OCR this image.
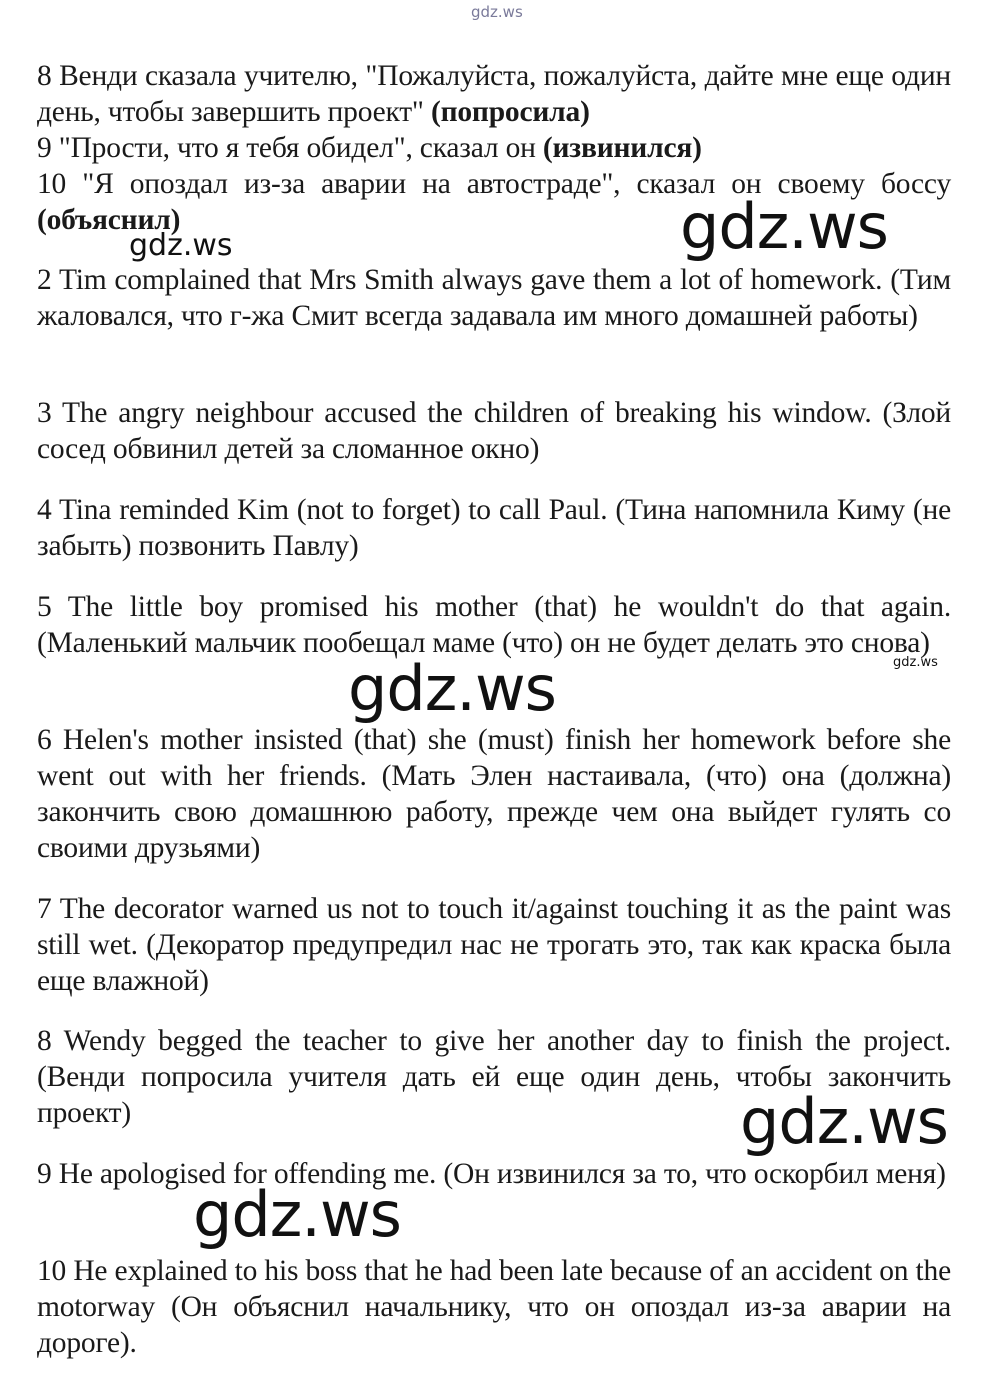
gdz.ws

8 Венди сказала учителю, "Пожалуйста, пожалуйста, дайте мне еще один день, чтобы завершить проект" (попросила)

9 "Прости, что я тебя обидел", сказал он (извинился)

10 "Я опоздал из-за аварии на автостраде", сказал он своему боссу (объяснил)

gdz.ws	gdz.ws

2 Tim complained that Mrs Smith always gave them a lot of homework. (Тим жаловался, что г-жа Смит всегда задавала им много домашней работы)

3 The angry neighbour accused the children of breaking his window. (Злой сосед обвинил детей за сломанное окно)

4 Tina reminded Kim (not to forget) to call Paul. (Тина напомнила Киму (не забыть) позвонить Павлу)

5 The little boy promised his mother (that) he wouldn't do that again. (Маленький мальчик пообещал маме (что) он не будет делать это снова)

gdz.ws
gdz.ws

6 Helen's mother insisted (that) she (must) finish her homework before she went out with her friends. (Мать Элен настаивала, (что) она (должна) закончить свою домашнюю работу, прежде чем она выйдет гулять со своими друзьями)

7 The decorator warned us not to touch it/against touching it as the paint was still wet. (Декоратор предупредил нас не трогать это, так как краска была еще влажной)

8 Wendy begged the teacher to give her another day to finish the project. (Венди попросила учителя дать ей еще один день, чтобы закончить проект)	gdz.ws

9 He apologised for offending me. (Он извинился за то, что оскорбил меня)

gdz.ws

10 He explained to his boss that he had been late because of an accident on the motorway (Он объяснил начальнику, что он опоздал из-за аварии на дороге).
